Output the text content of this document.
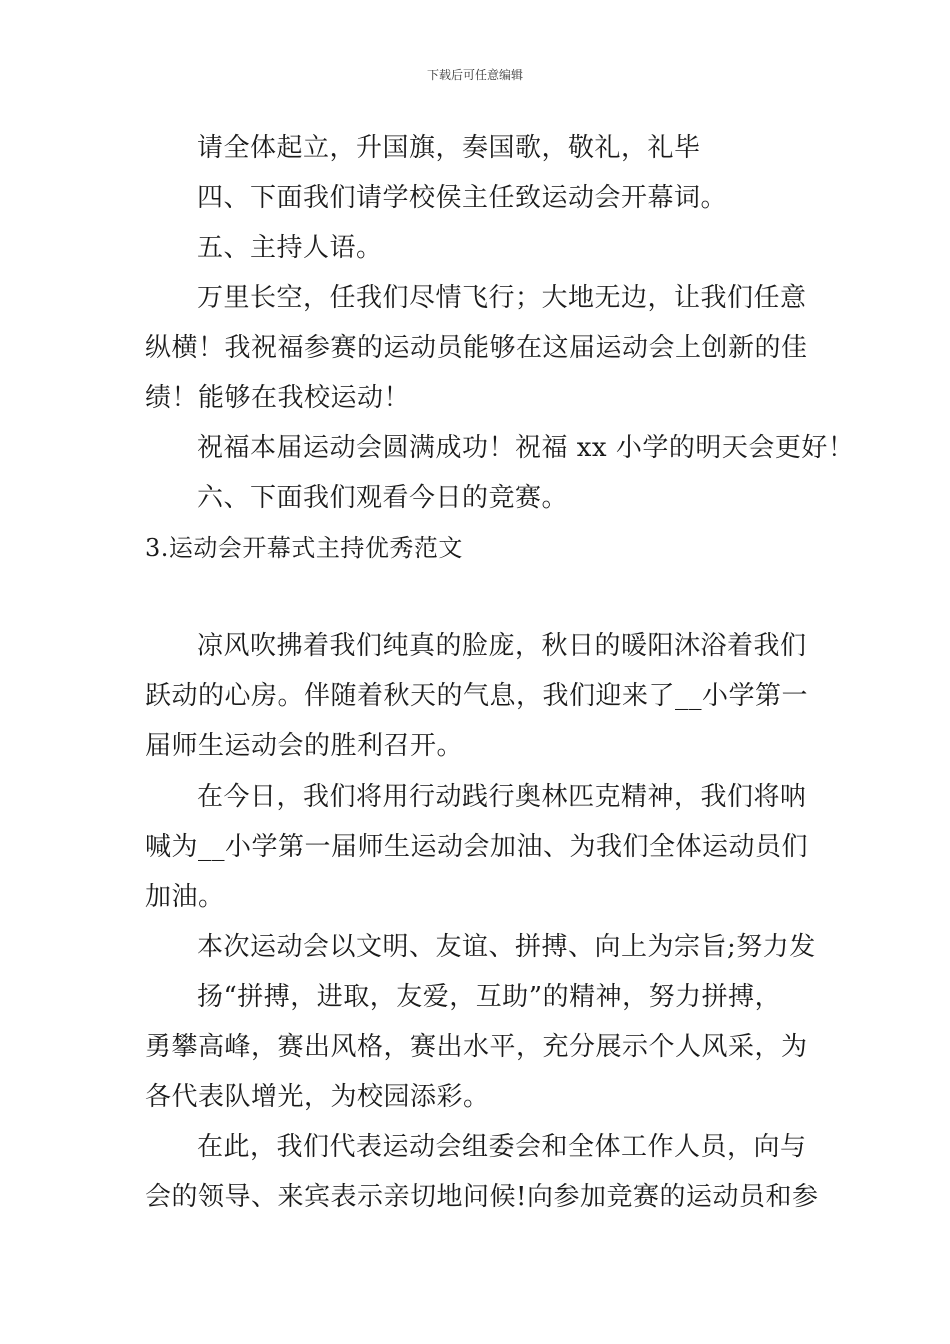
下载后可任意编辑
请全体起立，升国旗，奏国歌，敬礼，礼毕
四、下面我们请学校侯主任致运动会开幕词。
五、主持人语。
万里长空，任我们尽情飞行；大地无边，让我们任意
纵横！我祝福参赛的运动员能够在这届运动会上创新的佳
绩！能够在我校运动！
祝福本届运动会圆满成功！祝福 xx 小学的明天会更好！
六、下面我们观看今日的竞赛。
3.运动会开幕式主持优秀范文
凉风吹拂着我们纯真的脸庞，秋日的暖阳沐浴着我们
跃动的心房。伴随着秋天的气息，我们迎来了__小学第一
届师生运动会的胜利召开。
在今日，我们将用行动践行奥林匹克精神，我们将呐
喊为__小学第一届师生运动会加油、为我们全体运动员们
加油。
本次运动会以文明、友谊、拼搏、向上为宗旨;努力发
扬“拼搏，进取，友爱，互助”的精神，努力拼搏，
勇攀高峰，赛出风格，赛出水平，充分展示个人风采，为
各代表队增光，为校园添彩。
在此，我们代表运动会组委会和全体工作人员，向与
会的领导、来宾表示亲切地问候!向参加竞赛的运动员和参
